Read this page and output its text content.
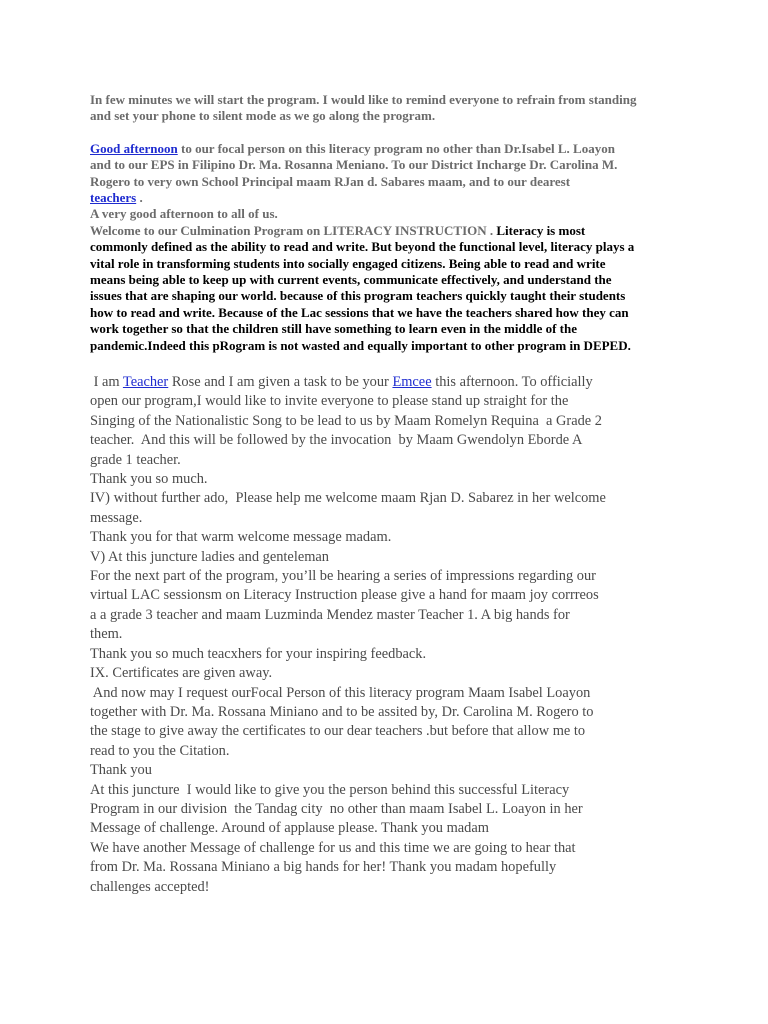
In few minutes we will start the program. I would like to remind everyone to refrain from standing

and set your phone to silent mode as we go along the program.

Good afternoon to our focal person on this literacy program no other than Dr.Isabel L. Loayon

and to our EPS in Filipino Dr. Ma. Rosanna Meniano. To our District Incharge Dr. Carolina M.

Rogero to very own School Principal maam RJan d. Sabares maam, and to our dearest

teachers .

A very good afternoon to all of us.

Welcome to our Culmination Program on LITERACY INSTRUCTION . Literacy is most

commonly defined as the ability to read and write. But beyond the functional level, literacy plays a

vital role in transforming students into socially engaged citizens. Being able to read and write

means being able to keep up with current events, communicate effectively, and understand the

issues that are shaping our world. because of this program teachers quickly taught their students

how to read and write. Because of the Lac sessions that we have the teachers shared how they can

work together so that the children still have something to learn even in the middle of the

pandemic.Indeed this pRogram is not wasted and equally important to other program in DEPED.

I am Teacher Rose and I am given a task to be your Emcee this afternoon. To officially
open our program,I would like to invite everyone to please stand up straight for the
Singing of the Nationalistic Song to be lead to us by Maam Romelyn Requina  a Grade 2
teacher.  And this will be followed by the invocation  by Maam Gwendolyn Eborde A
grade 1 teacher.
Thank you so much.
IV) without further ado,  Please help me welcome maam Rjan D. Sabarez in her welcome
message.
Thank you for that warm welcome message madam.
V) At this juncture ladies and genteleman
For the next part of the program, you’ll be hearing a series of impressions regarding our
virtual LAC sessionsm on Literacy Instruction please give a hand for maam joy corrreos
a a grade 3 teacher and maam Luzminda Mendez master Teacher 1. A big hands for
them.
Thank you so much teacxhers for your inspiring feedback.
IX. Certificates are given away.
And now may I request ourFocal Person of this literacy program Maam Isabel Loayon
together with Dr. Ma. Rossana Miniano and to be assited by, Dr. Carolina M. Rogero to
the stage to give away the certificates to our dear teachers .but before that allow me to
read to you the Citation.
Thank you
At this juncture  I would like to give you the person behind this successful Literacy
Program in our division  the Tandag city  no other than maam Isabel L. Loayon in her
Message of challenge. Around of applause please. Thank you madam
We have another Message of challenge for us and this time we are going to hear that
from Dr. Ma. Rossana Miniano a big hands for her! Thank you madam hopefully
challenges accepted!
